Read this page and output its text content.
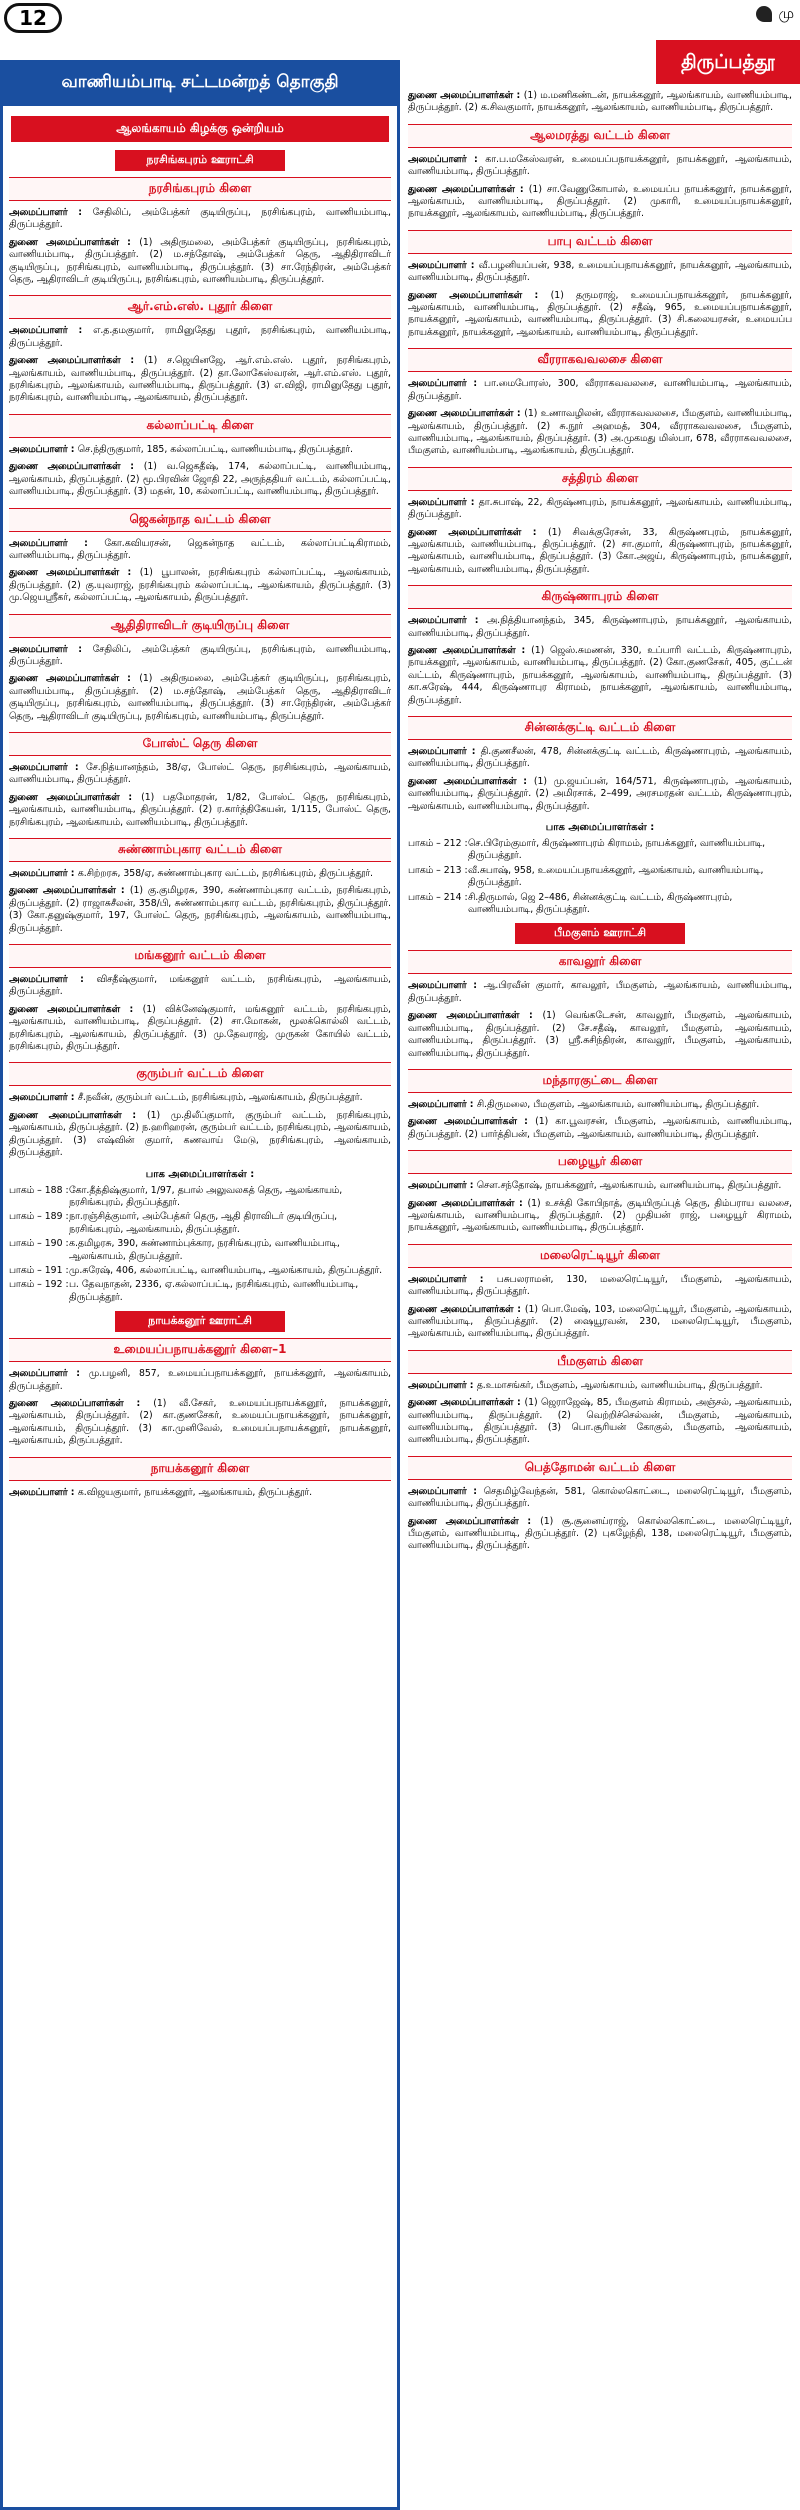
12	மு
திருப்பத்தூ
வாணியம்பாடி சட்டமன்றத் தொகுதி
ஆலங்காயம் கிழக்கு ஒன்றியம்
நரசிங்கபுரம் ஊராட்சி
நரசிங்கபுரம் கிளை
அமைப்பாளர் : சேதிலிப், அம்பேத்கர் குடியிருப்பு, நரசிங்கபுரம், வாணியம்பாடி, திருப்பத்தூர்.
துணை அமைப்பாளர்கள் : (1) அதிருமலை, அம்பேத்கர் குடியிருப்பு, நரசிங்கபுரம், வாணியம்பாடி, திருப்பத்தூர். (2) ம.சந்தோஷ், அம்பேத்கர் தெரு, ஆதிதிராவிடர் குடியிருப்பு, நரசிங்கபுரம், வாணியம்பாடி, திருப்பத்தூர். (3) சா.ரேந்திரன், அம்பேத்கர் தெரு, ஆதிராவிடர் குடியிருப்பு, நரசிங்கபுரம், வாணியம்பாடி, திருப்பத்தூர்.
ஆர்.எம்.எஸ். புதூர் கிளை
அமைப்பாளர் : எ.த.தமகுமார், ராமினுதேது புதூர், நரசிங்கபுரம், வாணியம்பாடி, திருப்பத்தூர்.
துணை அமைப்பாளர்கள் : (1) ச.ஜெயினஜே, ஆர்.எம்.எஸ். புதூர், நரசிங்கபுரம், ஆலங்காயம், வாணியம்பாடி, திருப்பத்தூர். (2) தா.லோகேஸ்வரன், ஆர்.எம்.எஸ். புதூர், நரசிங்கபுரம், ஆலங்காயம், வாணியம்பாடி, திருப்பத்தூர். (3) எ.விஜி, ராமினுதேது புதூர், நரசிங்கபுரம், வாணியம்பாடி, ஆலங்காயம், திருப்பத்தூர்.
கல்லாப்பட்டி கிளை
அமைப்பாளர் : செ.ந்திருகுமார், 185, கல்லாப்பட்டி, வாணியம்பாடி, திருப்பத்தூர்.
துணை அமைப்பாளர்கள் : (1) வ.ஜெகதீஷ், 174, கல்லாப்பட்டி, வாணியம்பாடி, ஆலங்காயம், திருப்பத்தூர். (2) மூ.பிரவின் ஜோதி 22, அருந்ததியர் வட்டம், கல்லாப்பட்டி, வாணியம்பாடி, திருப்பத்தூர். (3) மதன், 10, கல்லாப்பட்டி, வாணியம்பாடி, திருப்பத்தூர்.
ஜெகன்நாத வட்டம் கிளை
அமைப்பாளர் : கோ.கவியரசன், ஜெகன்நாத வட்டம், கல்லாப்பட்டிகிராமம், வாணியம்பாடி, திருப்பத்தூர்.
துணை அமைப்பாளர்கள் : (1) பூபாலன், நரசிங்கபுரம் கல்லாப்பட்டி, ஆலங்காயம், திருப்பத்தூர். (2) கு.யுவராஜ், நரசிங்கபுரம் கல்லாப்பட்டி, ஆலங்காயம், திருப்பத்தூர். (3) மு.ஜெயஸ்ரீகர், கல்லாப்பட்டி, ஆலங்காயம், திருப்பத்தூர்.
ஆதிதிராவிடர் குடியிருப்பு கிளை
அமைப்பாளர் : சேதிலிப், அம்பேத்கர் குடியிருப்பு, நரசிங்கபுரம், வாணியம்பாடி, திருப்பத்தூர்.
துணை அமைப்பாளர்கள் : (1) அதிருமலை, அம்பேத்கர் குடியிருப்பு, நரசிங்கபுரம், வாணியம்பாடி, திருப்பத்தூர். (2) ம.சந்தோஷ், அம்பேத்கர் தெரு, ஆதிதிராவிடர் குடியிருப்பு, நரசிங்கபுரம், வாணியம்பாடி, திருப்பத்தூர். (3) சா.ரேந்திரன், அம்பேத்கர் தெரு, ஆதிராவிடர் குடியிருப்பு, நரசிங்கபுரம், வாணியம்பாடி, திருப்பத்தூர்.
போஸ்ட் தெரு கிளை
அமைப்பாளர் : சே.நித்யானந்தம், 38/ஏ, போஸ்ட் தெரு, நரசிங்கபுரம், ஆலங்காயம், வாணியம்பாடி, திருப்பத்தூர்.
துணை அமைப்பாளர்கள் : (1) பதமோதரன், 1/82, போஸ்ட் தெரு, நரசிங்கபுரம், ஆலங்காயம், வாணியம்பாடி, திருப்பத்தூர். (2) ர.கார்த்திகேயன், 1/115, போஸ்ட் தெரு, நரசிங்கபுரம், ஆலங்காயம், வாணியம்பாடி, திருப்பத்தூர்.
சுண்ணாம்புகார வட்டம் கிளை
அமைப்பாளர் : க.சிற்றரசு, 358/ஏ, சுண்ணாம்புகார வட்டம், நரசிங்கபுரம், திருப்பத்தூர்.
துணை அமைப்பாளர்கள் : (1) கு.குமிழரசு, 390, சுண்ணாம்புகார வட்டம், நரசிங்கபுரம், திருப்பத்தூர். (2) ராஜாசுசீலன், 358/பி, சுண்ணாம்புகார வட்டம், நரசிங்கபுரம், திருப்பத்தூர். (3) கோ.தனுஷ்குமார், 197, போஸ்ட் தெரு, நரசிங்கபுரம், ஆலங்காயம், வாணியம்பாடி, திருப்பத்தூர்.
மங்கனூர் வட்டம் கிளை
அமைப்பாளர் : விசதீஷ்குமார், மங்கனூர் வட்டம், நரசிங்கபுரம், ஆலங்காயம், திருப்பத்தூர்.
துணை அமைப்பாளர்கள் : (1) விக்னேஷ்குமார், மங்கனூர் வட்டம், நரசிங்கபுரம், ஆலங்காயம், வாணியம்பாடி, திருப்பத்தூர். (2) சா.மோகன், மூலக்கொல்லி வட்டம், நரசிங்கபுரம், ஆலங்காயம், திருப்பத்தூர். (3) மு.தேவராஜ், முருகன் கோயில் வட்டம், நரசிங்கபுரம், திருப்பத்தூர்.
குரும்பர் வட்டம் கிளை
அமைப்பாளர் : சீ.நவீன், குரும்பர் வட்டம், நரசிங்கபுரம், ஆலங்காயம், திருப்பத்தூர்.
துணை அமைப்பாளர்கள் : (1) மு.திலீப்குமார், குரும்பர் வட்டம், நரசிங்கபுரம், ஆலங்காயம், திருப்பத்தூர். (2) ந.ஹரிஹரன், குரும்பர் வட்டம், நரசிங்கபுரம், ஆலங்காயம், திருப்பத்தூர். (3) எஷ்வின் குமார், கணவாய் மேடு, நரசிங்கபுரம், ஆலங்காயம், திருப்பத்தூர்.
பாக அமைப்பாளர்கள் :
பாகம் – 188 : கோ.தீத்திஷ்குமார், 1/97, தபால் அலுவலகத் தெரு, ஆலங்காயம், நரசிங்கபுரம், திருப்பத்தூர்.
பாகம் – 189 : நா.ரஞ்சித்குமார், அம்பேத்கர் தெரு, ஆதி திராவிடர் குடியிருப்பு, நரசிங்கபுரம், ஆலங்காயம், திருப்பத்தூர்.
பாகம் – 190 : க.தமிழரசு, 390, சுண்ணாம்புக்கார, நரசிங்கபுரம், வாணியம்பாடி, ஆலங்காயம், திருப்பத்தூர்.
பாகம் – 191 : மு.சுரேஷ், 406, கல்லாப்பட்டி, வாணியம்பாடி, ஆலங்காயம், திருப்பத்தூர்.
பாகம் – 192 : ப. தேவநாதன், 2336, ஏ.கல்லாப்பட்டி, நரசிங்கபுரம், வாணியம்பாடி, திருப்பத்தூர்.
நாயக்கனூர் ஊராட்சி
உமையப்பநாயக்கனூர் கிளை–1
அமைப்பாளர் : மு.பழனி, 857, உமையப்பநாயக்கனூர், நாயக்கனூர், ஆலங்காயம், திருப்பத்தூர்.
துணை அமைப்பாளர்கள் : (1) வீ.சேகர், உமையப்பநாயக்கனூர், நாயக்கனூர், ஆலங்காயம், திருப்பத்தூர். (2) கா.குணசேகர், உமையப்பநாயக்கனூர், நாயக்கனூர், ஆலங்காயம், திருப்பத்தூர். (3) கா.முனிவேல், உமையப்பநாயக்கனூர், நாயக்கனூர், ஆலங்காயம், திருப்பத்தூர்.
நாயக்கனூர் கிளை
அமைப்பாளர் : க.விஜயகுமார், நாயக்கனூர், ஆலங்காயம், திருப்பத்தூர்.
துணை அமைப்பாளர்கள் : (1) ம.மணிகண்டன், நாயக்கனூர், ஆலங்காயம், வாணியம்பாடி, திருப்பத்தூர். (2) க.சிவகுமார், நாயக்கனூர், ஆலங்காயம், வாணியம்பாடி, திருப்பத்தூர்.
ஆலமரத்து வட்டம் கிளை
அமைப்பாளர் : கா.ப.மகேஸ்வரன், உமையப்பநாயக்கனூர், நாயக்கனூர், ஆலங்காயம், வாணியம்பாடி, திருப்பத்தூர்.
துணை அமைப்பாளர்கள் : (1) சா.வேணுகோபால், உமையப்ப நாயக்கனூர், நாயக்கனூர், ஆலங்காயம், வாணியம்பாடி, திருப்பத்தூர். (2) முகாரி, உமையப்பநாயக்கனூர், நாயக்கனூர், ஆலங்காயம், வாணியம்பாடி, திருப்பத்தூர்.
பாபு வட்டம் கிளை
அமைப்பாளர் : வீ.பழனியப்பன், 938, உமையப்பநாயக்கனூர், நாயக்கனூர், ஆலங்காயம், வாணியம்பாடி, திருப்பத்தூர்.
துணை அமைப்பாளர்கள் : (1) தருமராஜ், உமையப்பநாயக்கனூர், நாயக்கனூர், ஆலங்காயம், வாணியம்பாடி, திருப்பத்தூர். (2) சதீஷ், 965, உமையப்பநாயக்கனூர், நாயக்கனூர், ஆலங்காயம், வாணியம்பாடி, திருப்பத்தூர். (3) சி.கலையரசன், உமையப்ப நாயக்கனூர், நாயக்கனூர், ஆலங்காயம், வாணியம்பாடி, திருப்பத்தூர்.
வீரராகவவலசை கிளை
அமைப்பாளர் : பா.மைபோரஸ், 300, வீரராகவவலசை, வாணியம்பாடி, ஆலங்காயம், திருப்பத்தூர்.
துணை அமைப்பாளர்கள் : (1) உணாவழிலன், வீரராகவவலசை, பீமகுளம், வாணியம்பாடி, ஆலங்காயம், திருப்பத்தூர். (2) சு.நூர் அஹமத், 304, வீரராகவவலசை, பீமகுளம், வாணியம்பாடி, ஆலங்காயம், திருப்பத்தூர். (3) அ.முகமது மிஸ்பா, 678, வீரராகவவலசை, பீமகுளம், வாணியம்பாடி, ஆலங்காயம், திருப்பத்தூர்.
சத்திரம் கிளை
அமைப்பாளர் : தா.சுபாஷ், 22, கிருஷ்ணபுரம், நாயக்கனூர், ஆலங்காயம், வாணியம்பாடி, திருப்பத்தூர்.
துணை அமைப்பாளர்கள் : (1) சிவக்குரேசன், 33, கிருஷ்ணபுரம், நாயக்கனூர், ஆலங்காயம், வாணியம்பாடி, திருப்பத்தூர். (2) சா.குமார், கிருஷ்ணாபுரம், நாயக்கனூர், ஆலங்காயம், வாணியம்பாடி, திருப்பத்தூர். (3) கோ.அஜய், கிருஷ்ணாபுரம், நாயக்கனூர், ஆலங்காயம், வாணியம்பாடி, திருப்பத்தூர்.
கிருஷ்ணாபுரம் கிளை
அமைப்பாளர் : அ.நித்தியானந்தம், 345, கிருஷ்ணாபுரம், நாயக்கனூர், ஆலங்காயம், வாணியம்பாடி, திருப்பத்தூர்.
துணை அமைப்பாளர்கள் : (1) ஜெஸ்.சுமணன், 330, உப்பாரி வட்டம், கிருஷ்ணாபுரம், நாயக்கனூர், ஆலங்காயம், வாணியம்பாடி, திருப்பத்தூர். (2) கோ.குணசேகர், 405, குட்டன் வட்டம், கிருஷ்ணாபுரம், நாயக்கனூர், ஆலங்காயம், வாணியம்பாடி, திருப்பத்தூர். (3) கா.சுரேஷ், 444, கிருஷ்ணாபுர கிராமம், நாயக்கனூர், ஆலங்காயம், வாணியம்பாடி, திருப்பத்தூர்.
சின்னக்குட்டி வட்டம் கிளை
அமைப்பாளர் : தி.குணசீலன், 478, சின்னக்குட்டி வட்டம், கிருஷ்ணாபுரம், ஆலங்காயம், வாணியம்பாடி, திருப்பத்தூர்.
துணை அமைப்பாளர்கள் : (1) மு.ஜயப்பன், 164/571, கிருஷ்ணாபுரம், ஆலங்காயம், வாணியம்பாடி, திருப்பத்தூர். (2) அமிரசாக், 2–499, அரசமரதன் வட்டம், கிருஷ்ணாபுரம், ஆலங்காயம், வாணியம்பாடி, திருப்பத்தூர்.
பாக அமைப்பாளர்கள் :
பாகம் – 212 : செ.பிரேம்குமார், கிருஷ்ணாபுரம் கிராமம், நாயக்கனூர், வாணியம்பாடி, திருப்பத்தூர்.
பாகம் – 213 : வீ.சுபாஷ், 958, உமையப்பநாயக்கனூர், ஆலங்காயம், வாணியம்பாடி, திருப்பத்தூர்.
பாகம் – 214 : சி.திருமால், ஜெ 2–486, சின்னக்குட்டி வட்டம், கிருஷ்ணாபுரம், வாணியம்பாடி, திருப்பத்தூர்.
பீமகுளம் ஊராட்சி
காவலூர் கிளை
அமைப்பாளர் : ஆ.பிரவீன் குமார், காவலூர், பீமகுளம், ஆலங்காயம், வாணியம்பாடி, திருப்பத்தூர்.
துணை அமைப்பாளர்கள் : (1) வெங்கடேசன், காவலூர், பீமகுளம், ஆலங்காயம், வாணியம்பாடி, திருப்பத்தூர். (2) சே.சதீஷ், காவலூர், பீமகுளம், ஆலங்காயம், வாணியம்பாடி, திருப்பத்தூர். (3) ஸ்ரீ.சுசிந்திரன், காவலூர், பீமகுளம், ஆலங்காயம், வாணியம்பாடி, திருப்பத்தூர்.
மந்தாரகுட்டை கிளை
அமைப்பாளர் : சி.திருமலை, பீமகுளம், ஆலங்காயம், வாணியம்பாடி, திருப்பத்தூர்.
துணை அமைப்பாளர்கள் : (1) கா.பூவரசன், பீமகுளம், ஆலங்காயம், வாணியம்பாடி, திருப்பத்தூர். (2) பார்த்திபன், பீமகுளம், ஆலங்காயம், வாணியம்பாடி, திருப்பத்தூர்.
பழையூர் கிளை
அமைப்பாளர் : செள.சந்தோஷ், நாயக்கனூர், ஆலங்காயம், வாணியம்பாடி, திருப்பத்தூர்.
துணை அமைப்பாளர்கள் : (1) உசக்தி கோபிநாத், குடியிருப்புத் தெரு, திம்பராய வலசை, ஆலங்காயம், வாணியம்பாடி, திருப்பத்தூர். (2) முதியன் ராஜ், பழையூர் கிராமம், நாயக்கனூர், ஆலங்காயம், வாணியம்பாடி, திருப்பத்தூர்.
மலைரெட்டியூர் கிளை
அமைப்பாளர் : பசுபலராமன், 130, மலைரெட்டியூர், பீமகுளம், ஆலங்காயம், வாணியம்பாடி, திருப்பத்தூர்.
துணை அமைப்பாளர்கள் : (1) பொ.மேஷ், 103, மலைரெட்டியூர், பீமகுளம், ஆலங்காயம், வாணியம்பாடி, திருப்பத்தூர். (2) ஷையூரவன், 230, மலைரெட்டியூர், பீமகுளம், ஆலங்காயம், வாணியம்பாடி, திருப்பத்தூர்.
பீமகுளம் கிளை
அமைப்பாளர் : த.உமாசங்கர், பீமகுளம், ஆலங்காயம், வாணியம்பாடி, திருப்பத்தூர்.
துணை அமைப்பாளர்கள் : (1) ஜெராஜேஷ், 85, பீமகுளம் கிராமம், அஞ்சல், ஆலங்காயம், வாணியம்பாடி, திருப்பத்தூர். (2) வெற்றிச்செல்வன், பீமகுளம், ஆலங்காயம், வாணியம்பாடி, திருப்பத்தூர். (3) பொ.சூரியன் கோகுல், பீமகுளம், ஆலங்காயம், வாணியம்பாடி, திருப்பத்தூர்.
பெத்தோமன் வட்டம் கிளை
அமைப்பாளர் : செதமிழ்வேந்தன், 581, கொல்லகொட்டை, மலைரெட்டியூர், பீமகுளம், வாணியம்பாடி, திருப்பத்தூர்.
துணை அமைப்பாளர்கள் : (1) சூ.சூனைய்ராஜ், கொல்லகொட்டை, மலைரெட்டியூர், பீமகுளம், வாணியம்பாடி, திருப்பத்தூர். (2) புகழேந்தி, 138, மலைரெட்டியூர், பீமகுளம், வாணியம்பாடி, திருப்பத்தூர்.
